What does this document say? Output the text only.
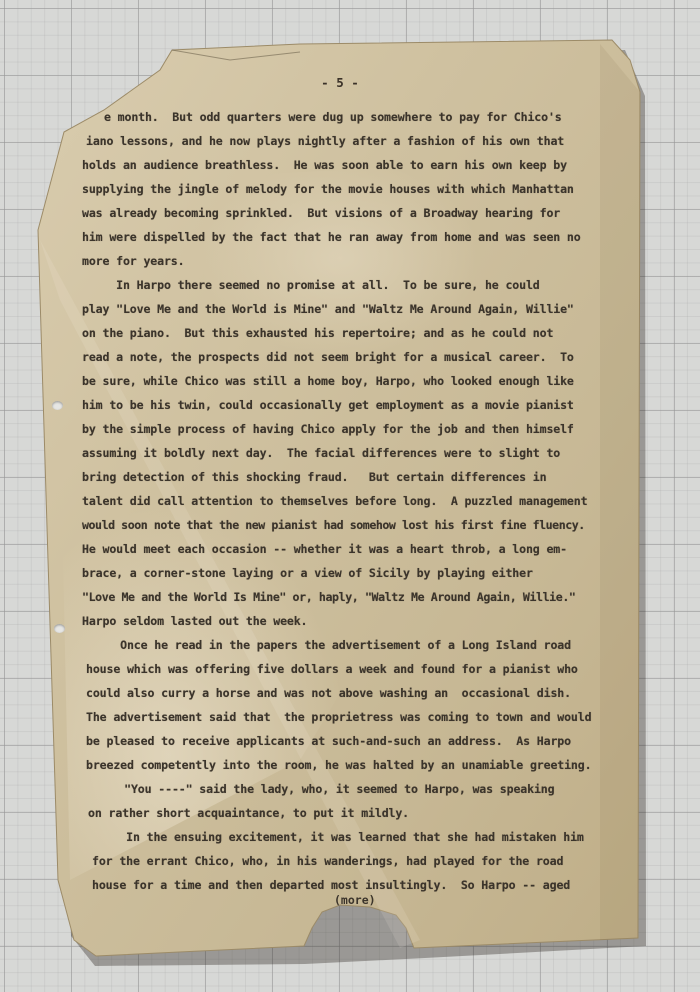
- 5 -
e month.  But odd quarters were dug up somewhere to pay for Chico's
iano lessons, and he now plays nightly after a fashion of his own that
holds an audience breathless.  He was soon able to earn his own keep by
supplying the jingle of melody for the movie houses with which Manhattan
was already becoming sprinkled.  But visions of a Broadway hearing for
him were dispelled by the fact that he ran away from home and was seen no
more for years.
In Harpo there seemed no promise at all.  To be sure, he could
play "Love Me and the World is Mine" and "Waltz Me Around Again, Willie"
on the piano.  But this exhausted his repertoire; and as he could not
read a note, the prospects did not seem bright for a musical career.  To
be sure, while Chico was still a home boy, Harpo, who looked enough like
him to be his twin, could occasionally get employment as a movie pianist
by the simple process of having Chico apply for the job and then himself
assuming it boldly next day.  The facial differences were to slight to
bring detection of this shocking fraud.   But certain differences in
talent did call attention to themselves before long.  A puzzled management
would soon note that the new pianist had somehow lost his first fine fluency.
He would meet each occasion -- whether it was a heart throb, a long em-
brace, a corner-stone laying or a view of Sicily by playing either
"Love Me and the World Is Mine" or, haply, "Waltz Me Around Again, Willie."
Harpo seldom lasted out the week.
Once he read in the papers the advertisement of a Long Island road
house which was offering five dollars a week and found for a pianist who
could also curry a horse and was not above washing an  occasional dish.
The advertisement said that  the proprietress was coming to town and would
be pleased to receive applicants at such-and-such an address.  As Harpo
breezed competently into the room, he was halted by an unamiable greeting.
"You ----" said the lady, who, it seemed to Harpo, was speaking
on rather short acquaintance, to put it mildly.
In the ensuing excitement, it was learned that she had mistaken him
for the errant Chico, who, in his wanderings, had played for the road
house for a time and then departed most insultingly.  So Harpo -- aged
(more)
